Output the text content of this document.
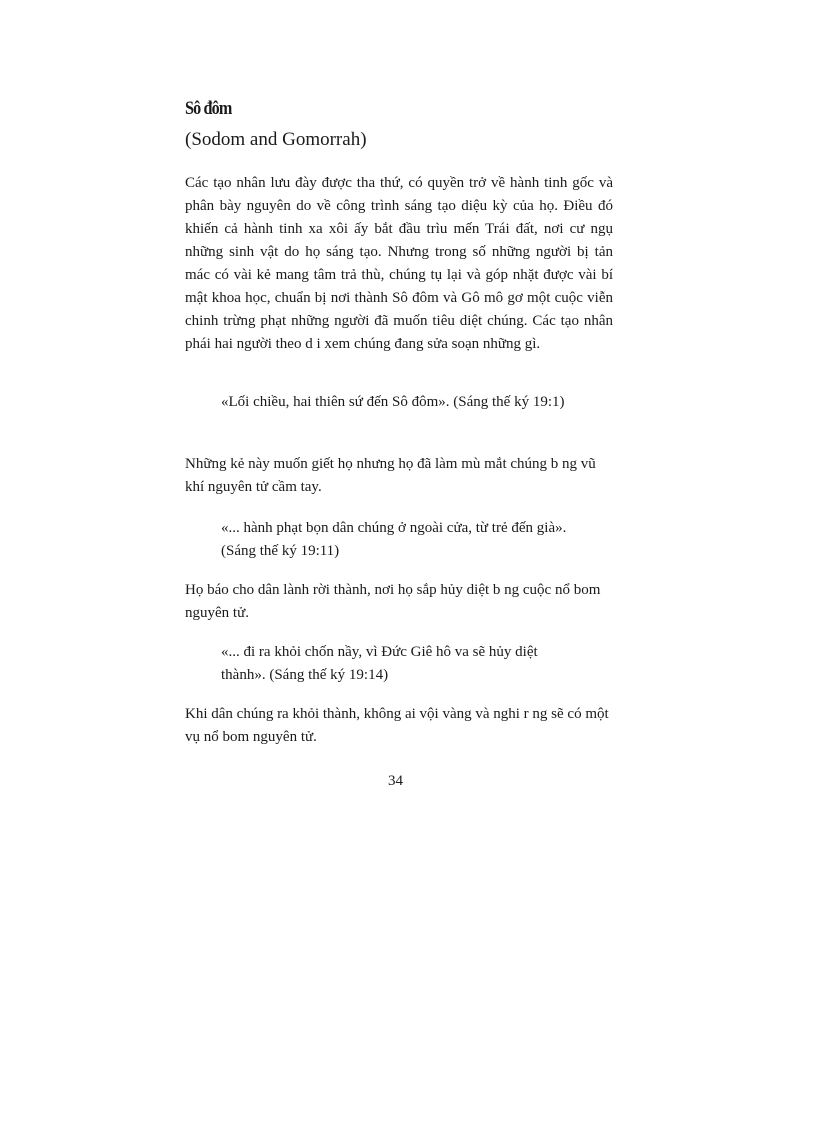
Sô đôm
(Sodom and Gomorrah)

Các tạo nhân lưu đày được tha thứ, có quyền trở về hành tinh gốc và phân bày nguyên do về công trình sáng tạo diệu kỳ của họ. Điều đó khiến cả hành tinh xa xôi ấy bắt đầu trìu mến Trái đất, nơi cư ngụ những sinh vật do họ sáng tạo. Nhưng trong số những người bị tản mác có vài kẻ mang tâm trả thù, chúng tụ lại và góp nhặt được vài bí mật khoa học, chuẩn bị nơi thành Sô đôm và Gô mô gơ một cuộc viễn chinh trừng phạt những người đã muốn tiêu diệt chúng. Các tạo nhân phái hai người theo d i xem chúng đang sửa soạn những gì.

«Lối chiều, hai thiên sứ đến Sô đôm». (Sáng thế ký 19:1)

Những kẻ này muốn giết họ nhưng họ đã làm mù mắt chúng b ng vũ khí nguyên tử cầm tay.

«... hành phạt bọn dân chúng ở ngoài cửa, từ trẻ đến già». (Sáng thế ký 19:11)

Họ báo cho dân lành rời thành, nơi họ sắp hủy diệt b ng cuộc nổ bom nguyên tử.

«... đi ra khỏi chốn nầy, vì Đức Giê hô va sẽ hủy diệt thành». (Sáng thế ký 19:14)

Khi dân chúng ra khỏi thành, không ai vội vàng và nghi r ng sẽ có một vụ nổ bom nguyên tử.

34
